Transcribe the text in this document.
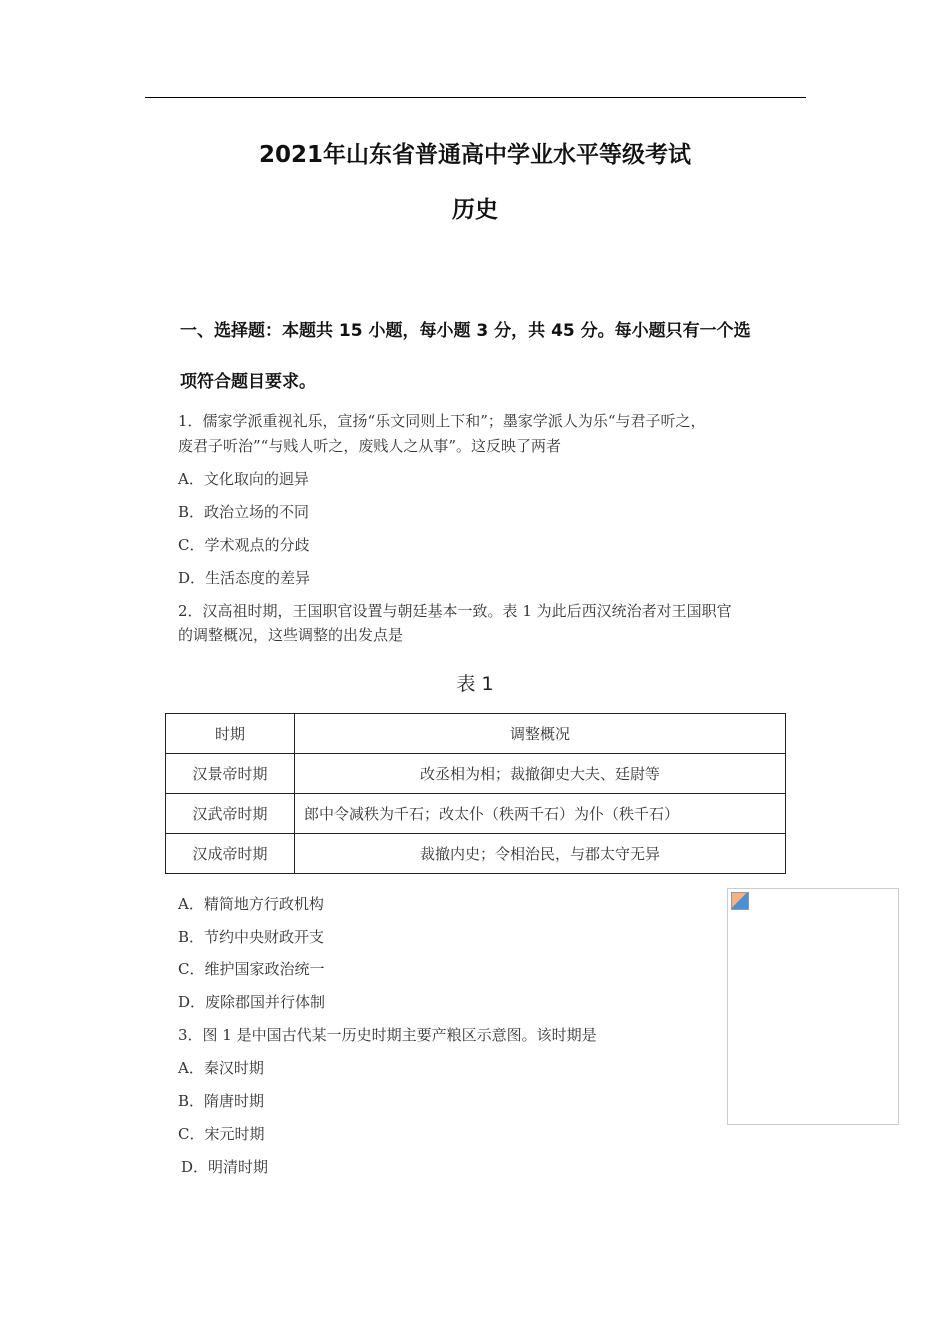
2021年山东省普通高中学业水平等级考试
历史
一、选择题：本题共 15 小题，每小题 3 分，共 45 分。每小题只有一个选
项符合题目要求。
1．儒家学派重视礼乐，宣扬“乐文同则上下和”；墨家学派人为乐“与君子听之，
废君子听治”“与贱人听之，废贱人之从事”。这反映了两者
A．文化取向的迥异
B．政治立场的不同
C．学术观点的分歧
D．生活态度的差异
2．汉高祖时期，王国职官设置与朝廷基本一致。表 1 为此后西汉统治者对王国职官
的调整概况，这些调整的出发点是
表 1
时期	调整概况
汉景帝时期	改丞相为相；裁撤御史大夫、廷尉等
汉武帝时期	郎中令减秩为千石；改太仆（秩两千石）为仆（秩千石）
汉成帝时期	裁撤内史；令相治民，与郡太守无异
A．精简地方行政机构
B．节约中央财政开支
C．维护国家政治统一
D．废除郡国并行体制
3．图 1 是中国古代某一历史时期主要产粮区示意图。该时期是
A．秦汉时期
B．隋唐时期
C．宋元时期
D．明清时期
